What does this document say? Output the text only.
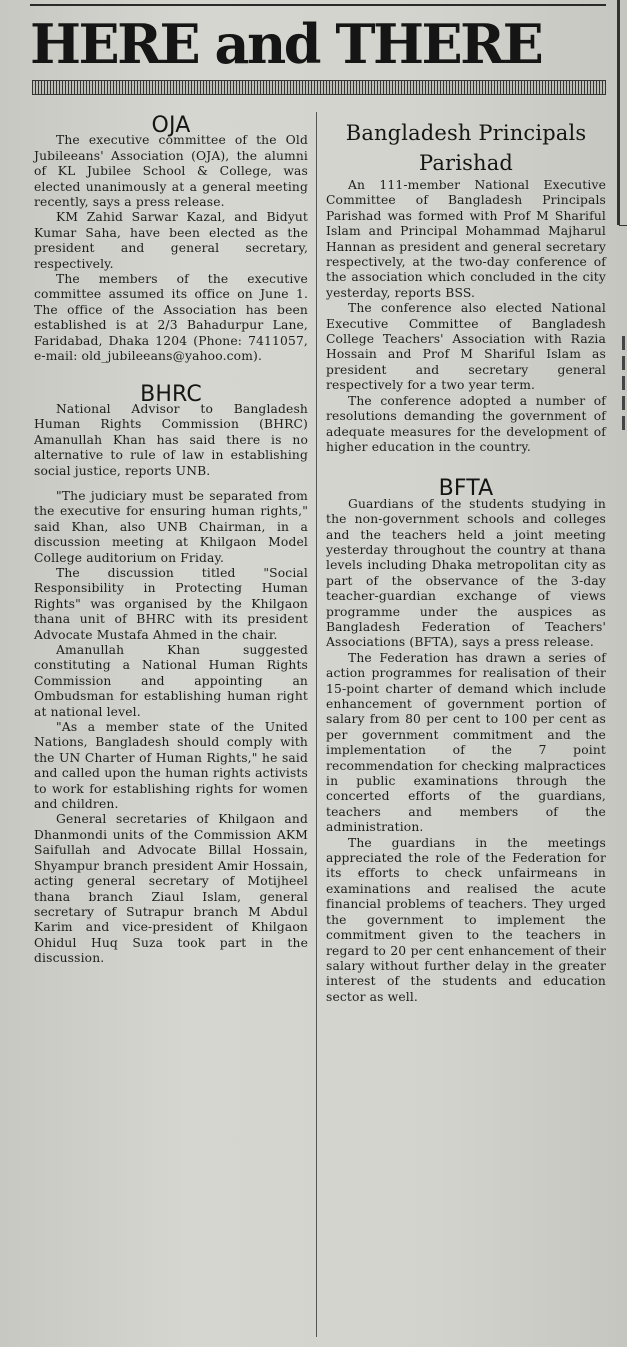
HERE and THERE
OJA

The executive committee of the Old Jubileeans' Association (OJA), the alumni of KL Jubilee School & College, was elected unanimously at a general meeting recently, says a press release.

KM Zahid Sarwar Kazal, and Bidyut Kumar Saha, have been elected as the president and general secretary, respectively.

The members of the executive committee assumed its office on June 1. The office of the Association has been established is at 2/3 Bahadurpur Lane, Faridabad, Dhaka 1204 (Phone: 7411057, e-mail: old_jubileeans@yahoo.com).

BHRC

National Advisor to Bangladesh Human Rights Commission (BHRC) Amanullah Khan has said there is no alternative to rule of law in establishing social justice, reports UNB.

"The judiciary must be separated from the executive for ensuring human rights," said Khan, also UNB Chairman, in a discussion meeting at Khilgaon Model College auditorium on Friday.

The discussion titled "Social Responsibility in Protecting Human Rights" was organised by the Khilgaon thana unit of BHRC with its president Advocate Mustafa Ahmed in the chair.

Amanullah Khan suggested constituting a National Human Rights Commission and appointing an Ombudsman for establishing human right at national level.

"As a member state of the United Nations, Bangladesh should comply with the UN Charter of Human Rights," he said and called upon the human rights activists to work for establishing rights for women and children.

General secretaries of Khilgaon and Dhanmondi units of the Commission AKM Saifullah and Advocate Billal Hossain, Shyampur branch president Amir Hossain, acting general secretary of Motijheel thana branch Ziaul Islam, general secretary of Sutrapur branch M Abdul Karim and vice-president of Khilgaon Ohidul Huq Suza took part in the discussion.

Bangladesh Principals Parishad

An 111-member National Executive Committee of Bangladesh Principals Parishad was formed with Prof M Shariful Islam and Principal Mohammad Majharul Hannan as president and general secretary respectively, at the two-day conference of the association which concluded in the city yesterday, reports BSS.

The conference also elected National Executive Committee of Bangladesh College Teachers' Association with Razia Hossain and Prof M Shariful Islam as president and secretary general respectively for a two year term.

The conference adopted a number of resolutions demanding the government of adequate measures for the development of higher education in the country.

BFTA

Guardians of the students studying in the non-government schools and colleges and the teachers held a joint meeting yesterday throughout the country at thana levels including Dhaka metropolitan city as part of the observance of the 3-day teacher-guardian exchange of views programme under the auspices as Bangladesh Federation of Teachers' Associations (BFTA), says a press release.

The Federation has drawn a series of action programmes for realisation of their 15-point charter of demand which include enhancement of government portion of salary from 80 per cent to 100 per cent as per government commitment and the implementation of the 7 point recommendation for checking malpractices in public examinations through the concerted efforts of the guardians, teachers and members of the administration.

The guardians in the meetings appreciated the role of the Federation for its efforts to check unfairmeans in examinations and realised the acute financial problems of teachers. They urged the government to implement the commitment given to the teachers in regard to 20 per cent enhancement of their salary without further delay in the greater interest of the students and education sector as well.
